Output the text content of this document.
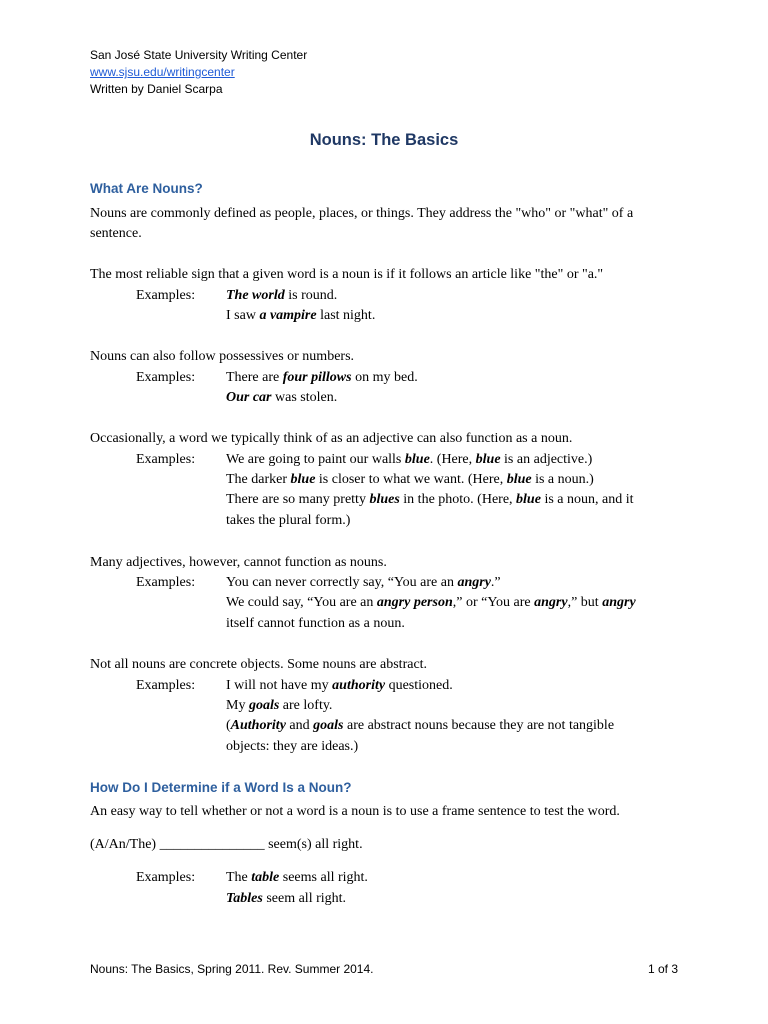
San José State University Writing Center
www.sjsu.edu/writingcenter
Written by Daniel Scarpa
Nouns: The Basics
What Are Nouns?
Nouns are commonly defined as people, places, or things. They address the "who" or "what" of a
sentence.
The most reliable sign that a given word is a noun is if it follows an article like "the" or "a."
Examples: The world is round.
I saw a vampire last night.
Nouns can also follow possessives or numbers.
Examples: There are four pillows on my bed.
Our car was stolen.
Occasionally, a word we typically think of as an adjective can also function as a noun.
Examples: We are going to paint our walls blue. (Here, blue is an adjective.)
The darker blue is closer to what we want. (Here, blue is a noun.)
There are so many pretty blues in the photo. (Here, blue is a noun, and it
takes the plural form.)
Many adjectives, however, cannot function as nouns.
Examples: You can never correctly say, “You are an angry.”
We could say, “You are an angry person,” or “You are angry,” but angry
itself cannot function as a noun.
Not all nouns are concrete objects. Some nouns are abstract.
Examples: I will not have my authority questioned.
My goals are lofty.
(Authority and goals are abstract nouns because they are not tangible
objects: they are ideas.)
How Do I Determine if a Word Is a Noun?
An easy way to tell whether or not a word is a noun is to use a frame sentence to test the word.
(A/An/The) _______________ seem(s) all right.
Examples: The table seems all right.
Tables seem all right.
Nouns: The Basics, Spring 2011. Rev. Summer 2014.	1 of 3
